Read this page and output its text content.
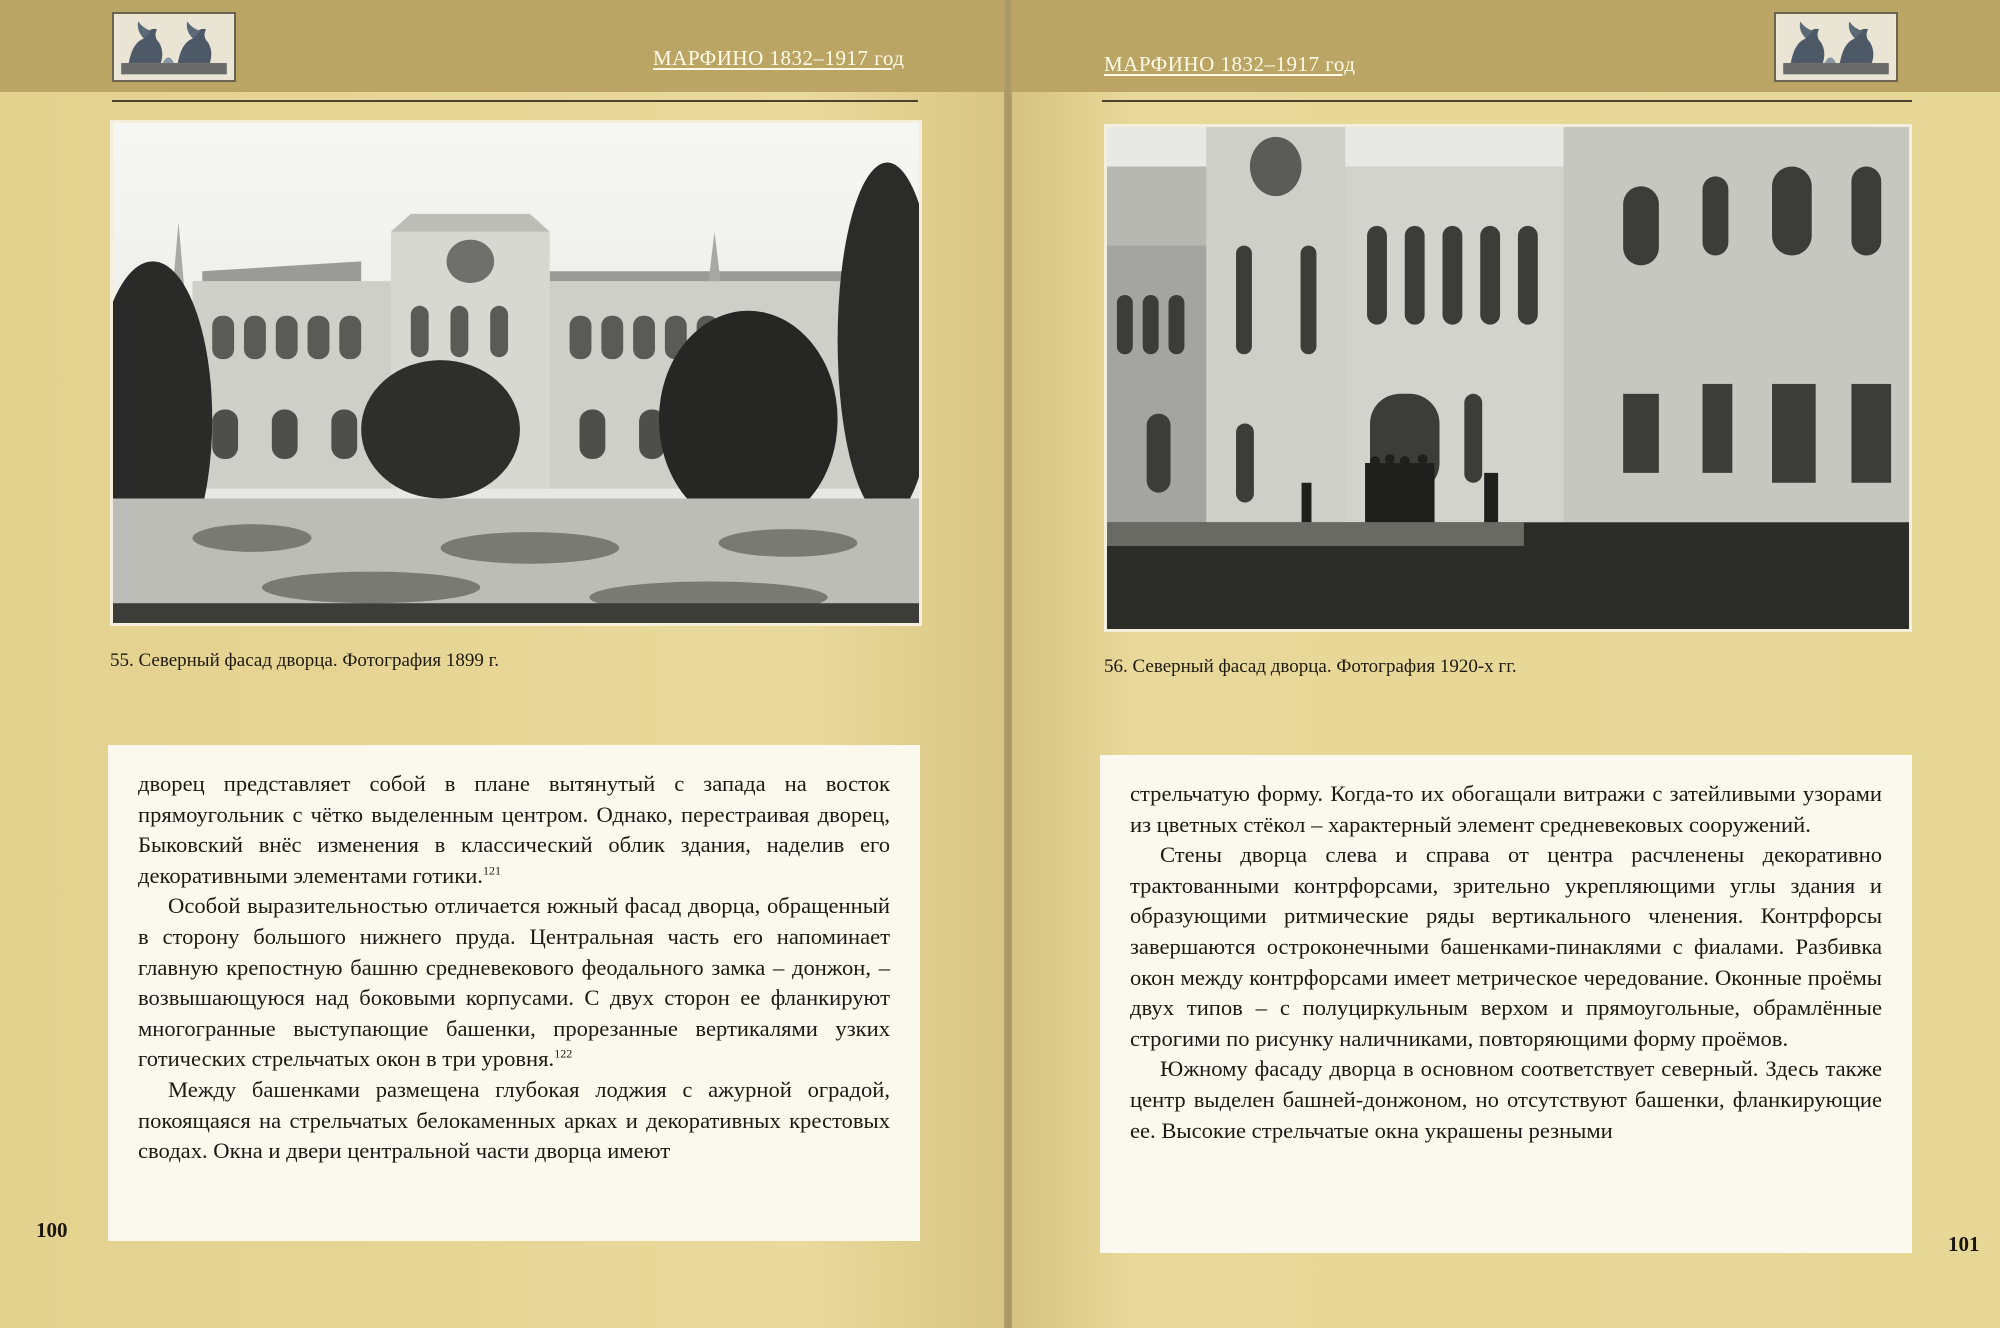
МАРФИНО 1832–1917 год
55. Северный фасад дворца. Фотография 1899 г.

дворец представляет собой в плане вытянутый с запада на восток прямоугольник с чётко выделенным центром. Однако, перестраивая дворец, Быковский внёс изменения в классический облик здания, наделив его декоративными элементами готики.$^{121}$

Особой выразительностью отличается южный фасад дворца, обращенный в сторону большого нижнего пруда. Центральная часть его напоминает главную крепостную башню средневекового феодального замка – донжон, – возвышающуюся над боковыми корпусами. С двух сторон ее фланкируют многогранные выступающие башенки, прорезанные вертикалями узких готических стрельчатых окон в три уровня.$^{122}$

Между башенками размещена глубокая лоджия с ажурной оградой, покоящаяся на стрельчатых белокаменных арках и декоративных крестовых сводах. Окна и двери центральной части дворца имеют

100
МАРФИНО 1832–1917 год
56. Северный фасад дворца. Фотография 1920-х гг.

стрельчатую форму. Когда-то их обогащали витражи с затейливыми узорами из цветных стёкол – характерный элемент средневековых сооружений.

Стены дворца слева и справа от центра расчленены декоративно трактованными контрфорсами, зрительно укрепляющими углы здания и образующими ритмические ряды вертикального членения. Контрфорсы завершаются остроконечными башенками-пинаклями с фиалами. Разбивка окон между контрфорсами имеет метрическое чередование. Оконные проёмы двух типов – с полуциркульным верхом и прямоугольные, обрамлённые строгими по рисунку наличниками, повторяющими форму проёмов.

Южному фасаду дворца в основном соответствует северный. Здесь также центр выделен башней-донжоном, но отсутствуют башенки, фланкирующие ее. Высокие стрельчатые окна украшены резными

101
